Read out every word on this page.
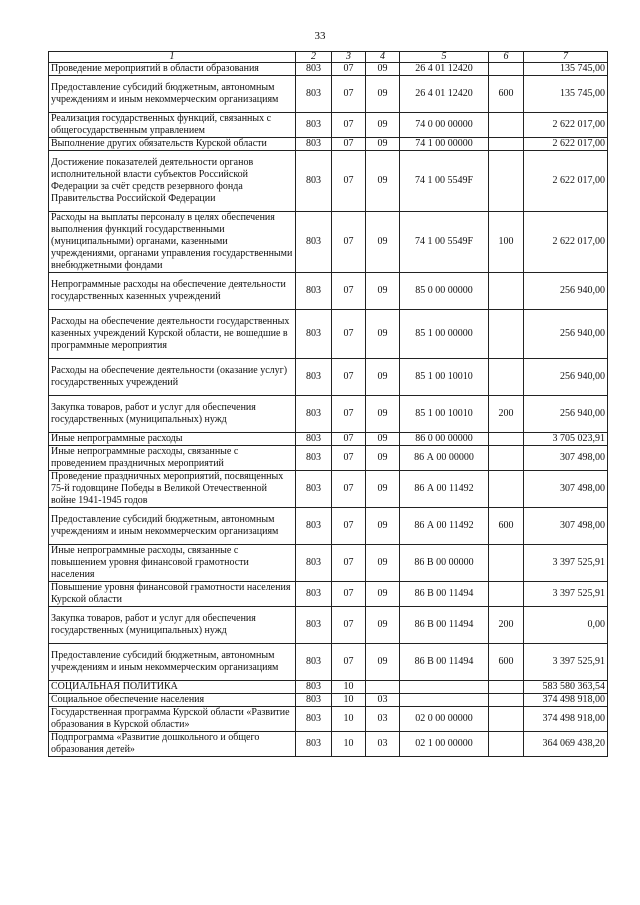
33
1	2	3	4	5	6	7
Проведение мероприятий в области образования	803	07	09	26 4 01 12420		135 745,00
Предоставление субсидий бюджетным, автономным учреждениям и иным некоммерческим организациям	803	07	09	26 4 01 12420	600	135 745,00
Реализация государственных функций, связанных с общегосударственным управлением	803	07	09	74 0 00 00000		2 622 017,00
Выполнение других обязательств Курской области	803	07	09	74 1 00 00000		2 622 017,00
Достижение показателей деятельности органов исполнительной власти субъектов Российской Федерации за счёт средств резервного фонда Правительства Российской Федерации	803	07	09	74 1 00 5549F		2 622 017,00
Расходы на выплаты персоналу в целях обеспечения выполнения функций государственными (муниципальными) органами, казенными учреждениями, органами управления государственными внебюджетными фондами	803	07	09	74 1 00 5549F	100	2 622 017,00
Непрограммные расходы на обеспечение деятельности государственных казенных учреждений	803	07	09	85 0 00 00000		256 940,00
Расходы на обеспечение деятельности государственных казенных учреждений Курской области, не вошедшие в программные мероприятия	803	07	09	85 1 00 00000		256 940,00
Расходы на обеспечение деятельности (оказание услуг) государственных учреждений	803	07	09	85 1 00 10010		256 940,00
Закупка товаров, работ и услуг для обеспечения государственных (муниципальных) нужд	803	07	09	85 1 00 10010	200	256 940,00
Иные непрограммные расходы	803	07	09	86 0 00 00000		3 705 023,91
Иные непрограммные расходы, связанные с проведением праздничных мероприятий	803	07	09	86 А 00 00000		307 498,00
Проведение праздничных мероприятий, посвященных 75-й годовщине Победы в Великой Отечественной войне 1941-1945 годов	803	07	09	86 А 00 11492		307 498,00
Предоставление субсидий бюджетным, автономным учреждениям и иным некоммерческим организациям	803	07	09	86 А 00 11492	600	307 498,00
Иные непрограммные расходы, связанные с повышением уровня финансовой грамотности населения	803	07	09	86 В 00 00000		3 397 525,91
Повышение уровня финансовой грамотности населения Курской области	803	07	09	86 В 00 11494		3 397 525,91
Закупка товаров, работ и услуг для обеспечения государственных (муниципальных) нужд	803	07	09	86 В 00 11494	200	0,00
Предоставление субсидий бюджетным, автономным учреждениям и иным некоммерческим организациям	803	07	09	86 В 00 11494	600	3 397 525,91
СОЦИАЛЬНАЯ ПОЛИТИКА	803	10				583 580 363,54
Социальное обеспечение населения	803	10	03			374 498 918,00
Государственная программа Курской области «Развитие образования в Курской области»	803	10	03	02 0 00 00000		374 498 918,00
Подпрограмма «Развитие дошкольного и общего образования детей»	803	10	03	02 1 00 00000		364 069 438,20
